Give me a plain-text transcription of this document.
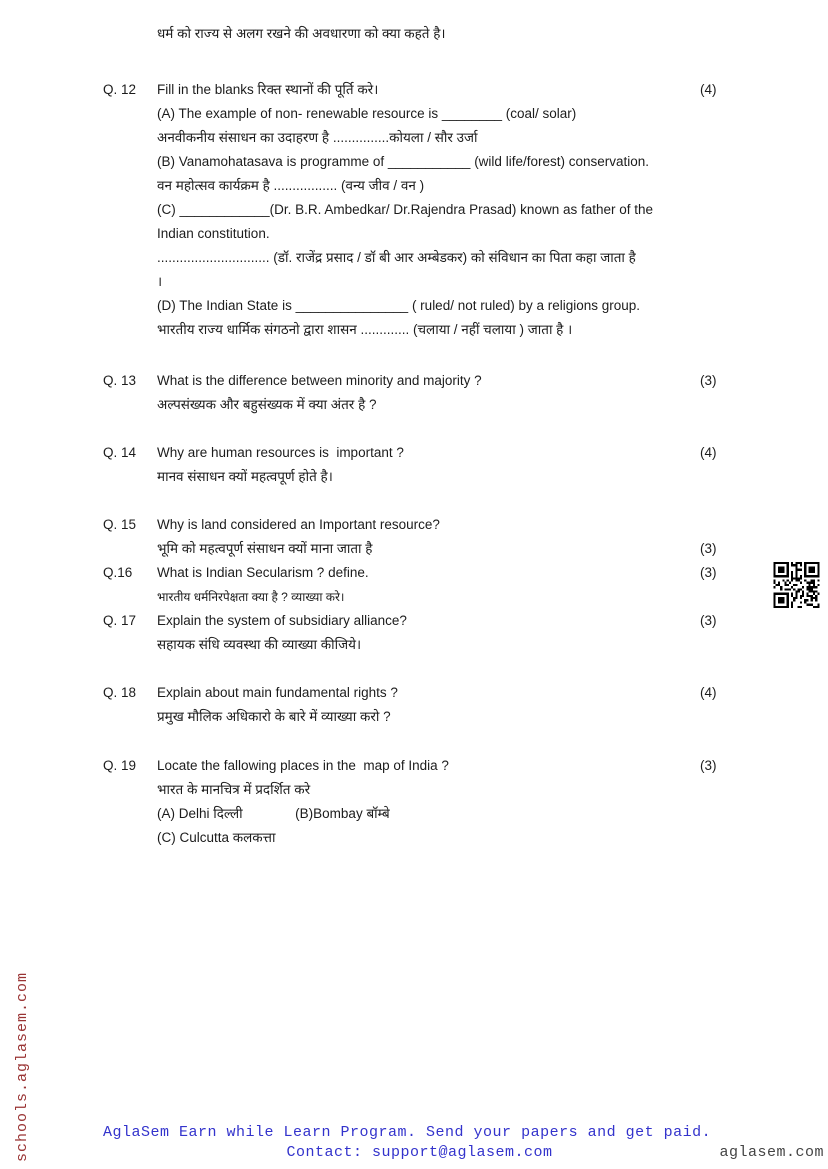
धर्म को राज्य से अलग रखने की अवधारणा को क्या कहते है।
Q. 12	Fill in the blanks रिक्त स्थानों की पूर्ति करे।
(A) The example of non- renewable resource is ________ (coal/ solar)
अनवीकनीय संसाधन का उदाहरण है ...............कोयला / सौर उर्जा
(B) Vanamohatasava is programme of ___________ (wild life/forest) conservation.
वन महोत्सव कार्यक्रम है ................. (वन्य जीव / वन )
(C) ____________(Dr. B.R. Ambedkar/ Dr.Rajendra Prasad) known as father of the
Indian constitution.
.............................. (डॉ. राजेंद्र प्रसाद / डॉ बी आर अम्बेडकर) को संविधान का पिता कहा जाता है
।
(D) The Indian State is _______________ ( ruled/ not ruled) by a religions group.
भारतीय राज्य धार्मिक संगठनो द्वारा शासन ............. (चलाया / नहीं चलाया ) जाता है ।
(4)
Q. 13	What is the difference between minority and majority ?
अल्पसंख्यक और बहुसंख्यक में क्या अंतर है ?
(3)
Q. 14	Why are human resources is  important ?
मानव संसाधन क्यों महत्वपूर्ण होते है।
(4)
Q. 15	Why is land considered an Important resource?
भूमि को महत्वपूर्ण संसाधन क्यों माना जाता है	(3)
Q.16	What is Indian Secularism ? define.
भारतीय धर्मनिरपेक्षता क्या है ? व्याख्या करे।
(3)
Q. 17	Explain the system of subsidiary alliance?
सहायक संधि व्यवस्था की व्याख्या कीजिये।
(3)
Q. 18	Explain about main fundamental rights ?
प्रमुख मौलिक अधिकारो के बारे में व्याख्या करो ?
(4)
Q. 19	Locate the fallowing places in the  map of India ?
भारत के मानचित्र में प्रदर्शित करे
(A) Delhi दिल्ली              (B)Bombay बॉम्बे
(C) Culcutta कलकत्ता
(3)
schools.aglasem.com	AglaSem Earn while Learn Program. Send your papers and get paid.
Contact: support@aglasem.com	aglasem.com
